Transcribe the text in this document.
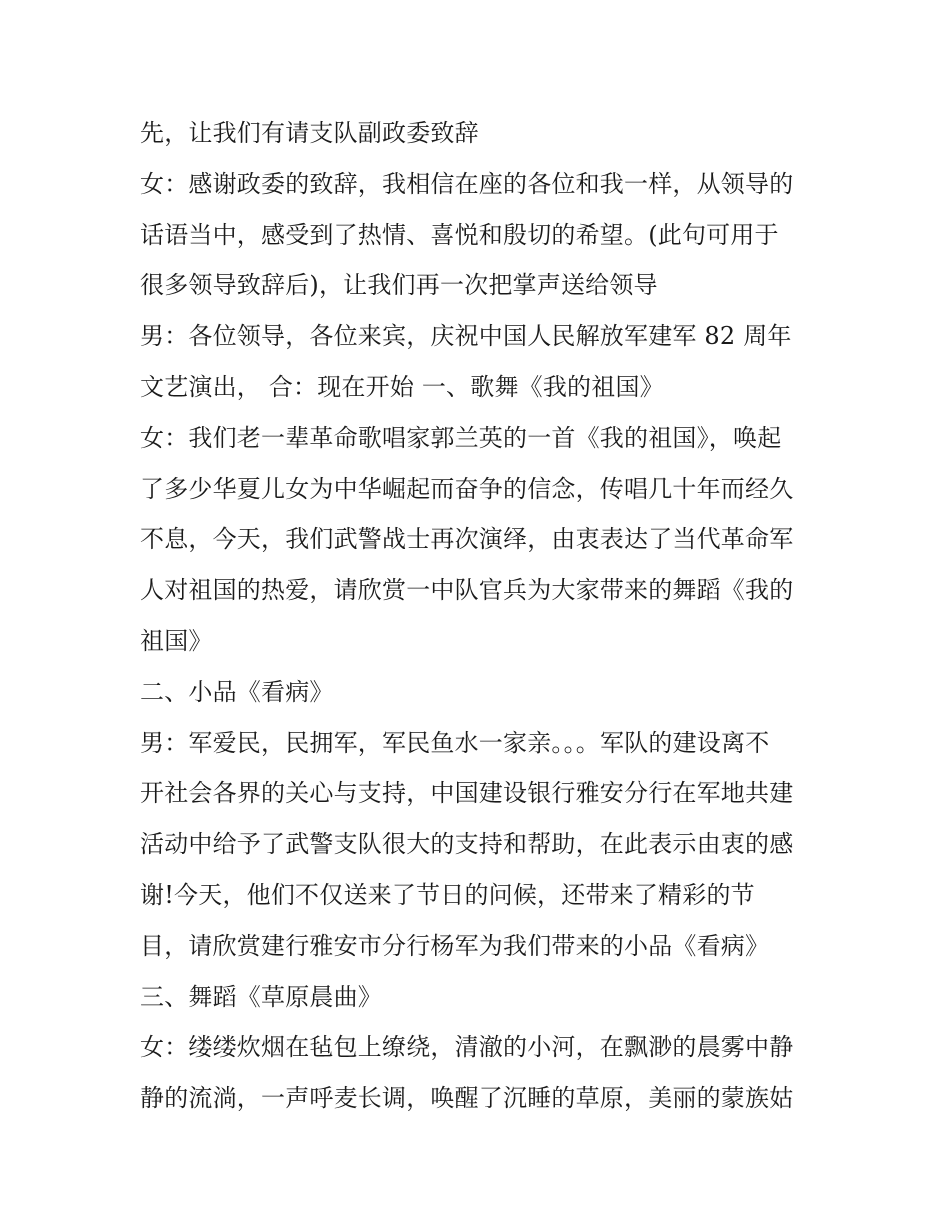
先，让我们有请支队副政委致辞
女：感谢政委的致辞，我相信在座的各位和我一样，从领导的
话语当中，感受到了热情、喜悦和殷切的希望。(此句可用于
很多领导致辞后)，让我们再一次把掌声送给领导
男：各位领导，各位来宾，庆祝中国人民解放军建军 82 周年
文艺演出， 合：现在开始 一、歌舞《我的祖国》
女：我们老一辈革命歌唱家郭兰英的一首《我的祖国》，唤起
了多少华夏儿女为中华崛起而奋争的信念，传唱几十年而经久
不息，今天，我们武警战士再次演绎，由衷表达了当代革命军
人对祖国的热爱，请欣赏一中队官兵为大家带来的舞蹈《我的
祖国》
二、小品《看病》
男：军爱民，民拥军，军民鱼水一家亲。。。军队的建设离不
开社会各界的关心与支持，中国建设银行雅安分行在军地共建
活动中给予了武警支队很大的支持和帮助，在此表示由衷的感
谢!今天，他们不仅送来了节日的问候，还带来了精彩的节
目，请欣赏建行雅安市分行杨军为我们带来的小品《看病》
三、舞蹈《草原晨曲》
女：缕缕炊烟在毡包上缭绕，清澈的小河，在飘渺的晨雾中静
静的流淌，一声呼麦长调，唤醒了沉睡的草原，美丽的蒙族姑
